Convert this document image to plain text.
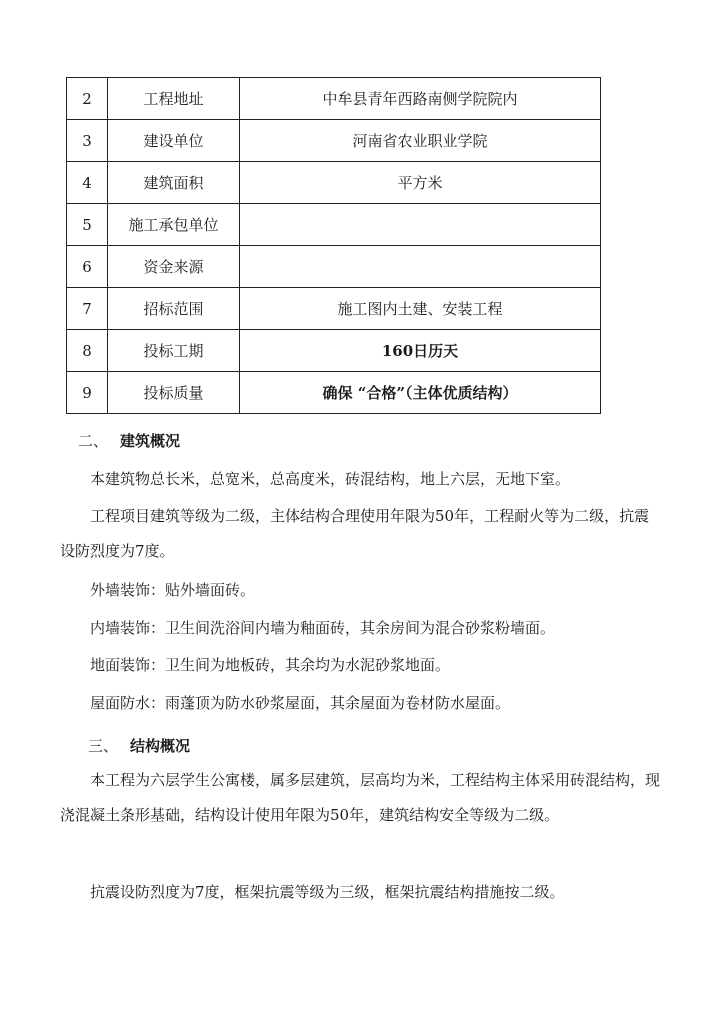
2	工程地址	中牟县青年西路南侧学院院内
3	建设单位	河南省农业职业学院
4	建筑面积	平方米
5	施工承包单位	
6	资金来源	
7	招标范围	施工图内土建、安装工程
8	投标工期	160日历天
9	投标质量	确保 “合格”（主体优质结构）
二、 建筑概况

本建筑物总长米，总宽米，总高度米，砖混结构，地上六层，无地下室。

工程项目建筑等级为二级，主体结构合理使用年限为50年，工程耐火等为二级，抗震设防烈度为7度。

外墙装饰：贴外墙面砖。

内墙装饰：卫生间洗浴间内墙为釉面砖，其余房间为混合砂浆粉墙面。

地面装饰：卫生间为地板砖，其余均为水泥砂浆地面。

屋面防水：雨蓬顶为防水砂浆屋面，其余屋面为卷材防水屋面。

三、 结构概况

本工程为六层学生公寓楼，属多层建筑，层高均为米，工程结构主体采用砖混结构，现浇混凝土条形基础，结构设计使用年限为50年，建筑结构安全等级为二级。

抗震设防烈度为7度，框架抗震等级为三级，框架抗震结构措施按二级。
